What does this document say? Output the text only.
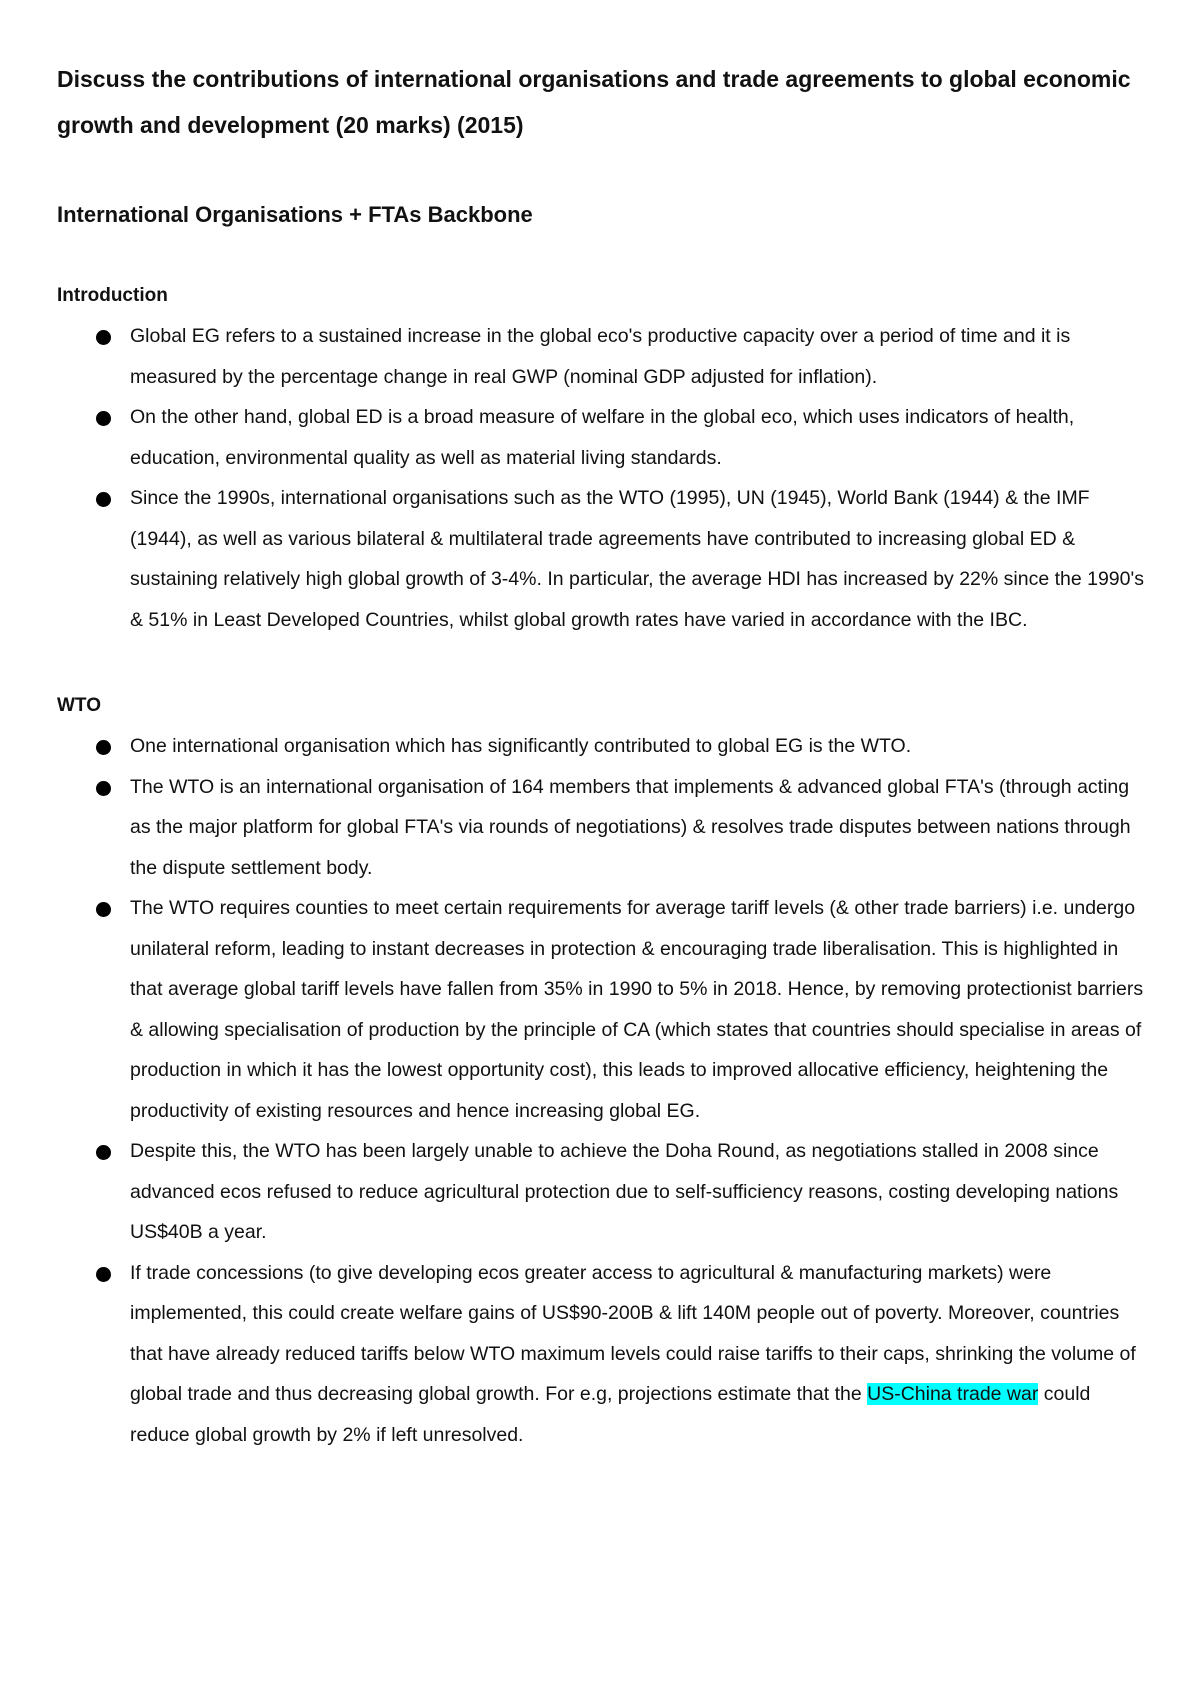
Discuss the contributions of international organisations and trade agreements to global economic growth and development (20 marks) (2015)
International Organisations + FTAs Backbone
Introduction
Global EG refers to a sustained increase in the global eco's productive capacity over a period of time and it is measured by the percentage change in real GWP (nominal GDP adjusted for inflation).
On the other hand, global ED is a broad measure of welfare in the global eco, which uses indicators of health, education, environmental quality as well as material living standards.
Since the 1990s, international organisations such as the WTO (1995), UN (1945), World Bank (1944) & the IMF (1944), as well as various bilateral & multilateral trade agreements have contributed to increasing global ED & sustaining relatively high global growth of 3-4%. In particular, the average HDI has increased by 22% since the 1990's & 51% in Least Developed Countries, whilst global growth rates have varied in accordance with the IBC.
WTO
One international organisation which has significantly contributed to global EG is the WTO.
The WTO is an international organisation of 164 members that implements & advanced global FTA's (through acting as the major platform for global FTA's via rounds of negotiations) & resolves trade disputes between nations through the dispute settlement body.
The WTO requires counties to meet certain requirements for average tariff levels (& other trade barriers) i.e. undergo unilateral reform, leading to instant decreases in protection & encouraging trade liberalisation. This is highlighted in that average global tariff levels have fallen from 35% in 1990 to 5% in 2018. Hence, by removing protectionist barriers & allowing specialisation of production by the principle of CA (which states that countries should specialise in areas of production in which it has the lowest opportunity cost), this leads to improved allocative efficiency, heightening the productivity of existing resources and hence increasing global EG.
Despite this, the WTO has been largely unable to achieve the Doha Round, as negotiations stalled in 2008 since advanced ecos refused to reduce agricultural protection due to self-sufficiency reasons, costing developing nations US$40B a year.
If trade concessions (to give developing ecos greater access to agricultural & manufacturing markets) were implemented, this could create welfare gains of US$90-200B & lift 140M people out of poverty. Moreover, countries that have already reduced tariffs below WTO maximum levels could raise tariffs to their caps, shrinking the volume of global trade and thus decreasing global growth. For e.g, projections estimate that the US-China trade war could reduce global growth by 2% if left unresolved.
